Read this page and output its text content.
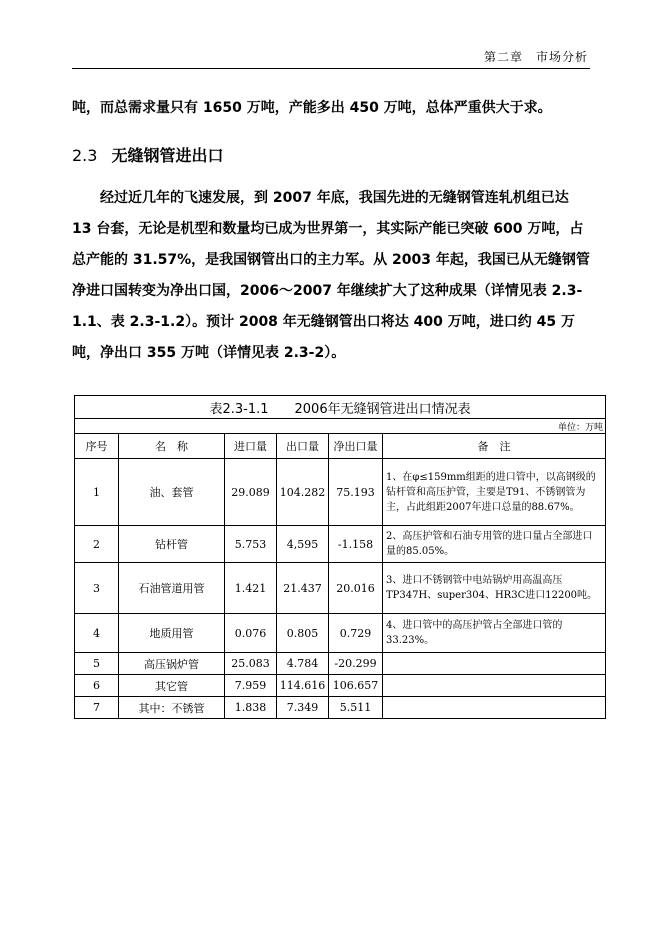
第二章　市场分析
吨，而总需求量只有 1650 万吨，产能多出 450 万吨，总体严重供大于求。
2.3 无缝钢管进出口
经过近几年的飞速发展，到 2007 年底，我国先进的无缝钢管连轧机组已达 13 台套，无论是机型和数量均已成为世界第一，其实际产能已突破 600 万吨，占总产能的 31.57%，是我国钢管出口的主力军。从 2003 年起，我国已从无缝钢管净进口国转变为净出口国，2006～2007 年继续扩大了这种成果（详情见表 2.3-1.1、表 2.3-1.2）。预计 2008 年无缝钢管出口将达 400 万吨，进口约 45 万吨，净出口 355 万吨（详情见表 2.3-2）。
表2.3-1.1　　2006年无缝钢管进出口情况表					
单位：万吨					
序号	名　称	进口量	出口量	净出口量	备　注
1	油、套管	29.089	104.282	75.193	1、在φ≤159mm组距的进口管中，以高钢级的钻杆管和高压护管，主要是T91、不锈钢管为主，占此组距2007年进口总量的88.67%。
2	钻杆管	5.753	4,595	-1.158	2、高压护管和石油专用管的进口量占全部进口量的85.05%。
3	石油管道用管	1.421	21.437	20.016	3、进口不锈钢管中电站锅炉用高温高压TP347H、super304、HR3C进口12200吨。
4	地质用管	0.076	0.805	0.729	4、进口管中的高压护管占全部进口管的33.23%。
5	高压锅炉管	25.083	4.784	-20.299	
6	其它管	7.959	114.616	106.657	
7	其中：不锈管	1.838	7.349	5.511	
